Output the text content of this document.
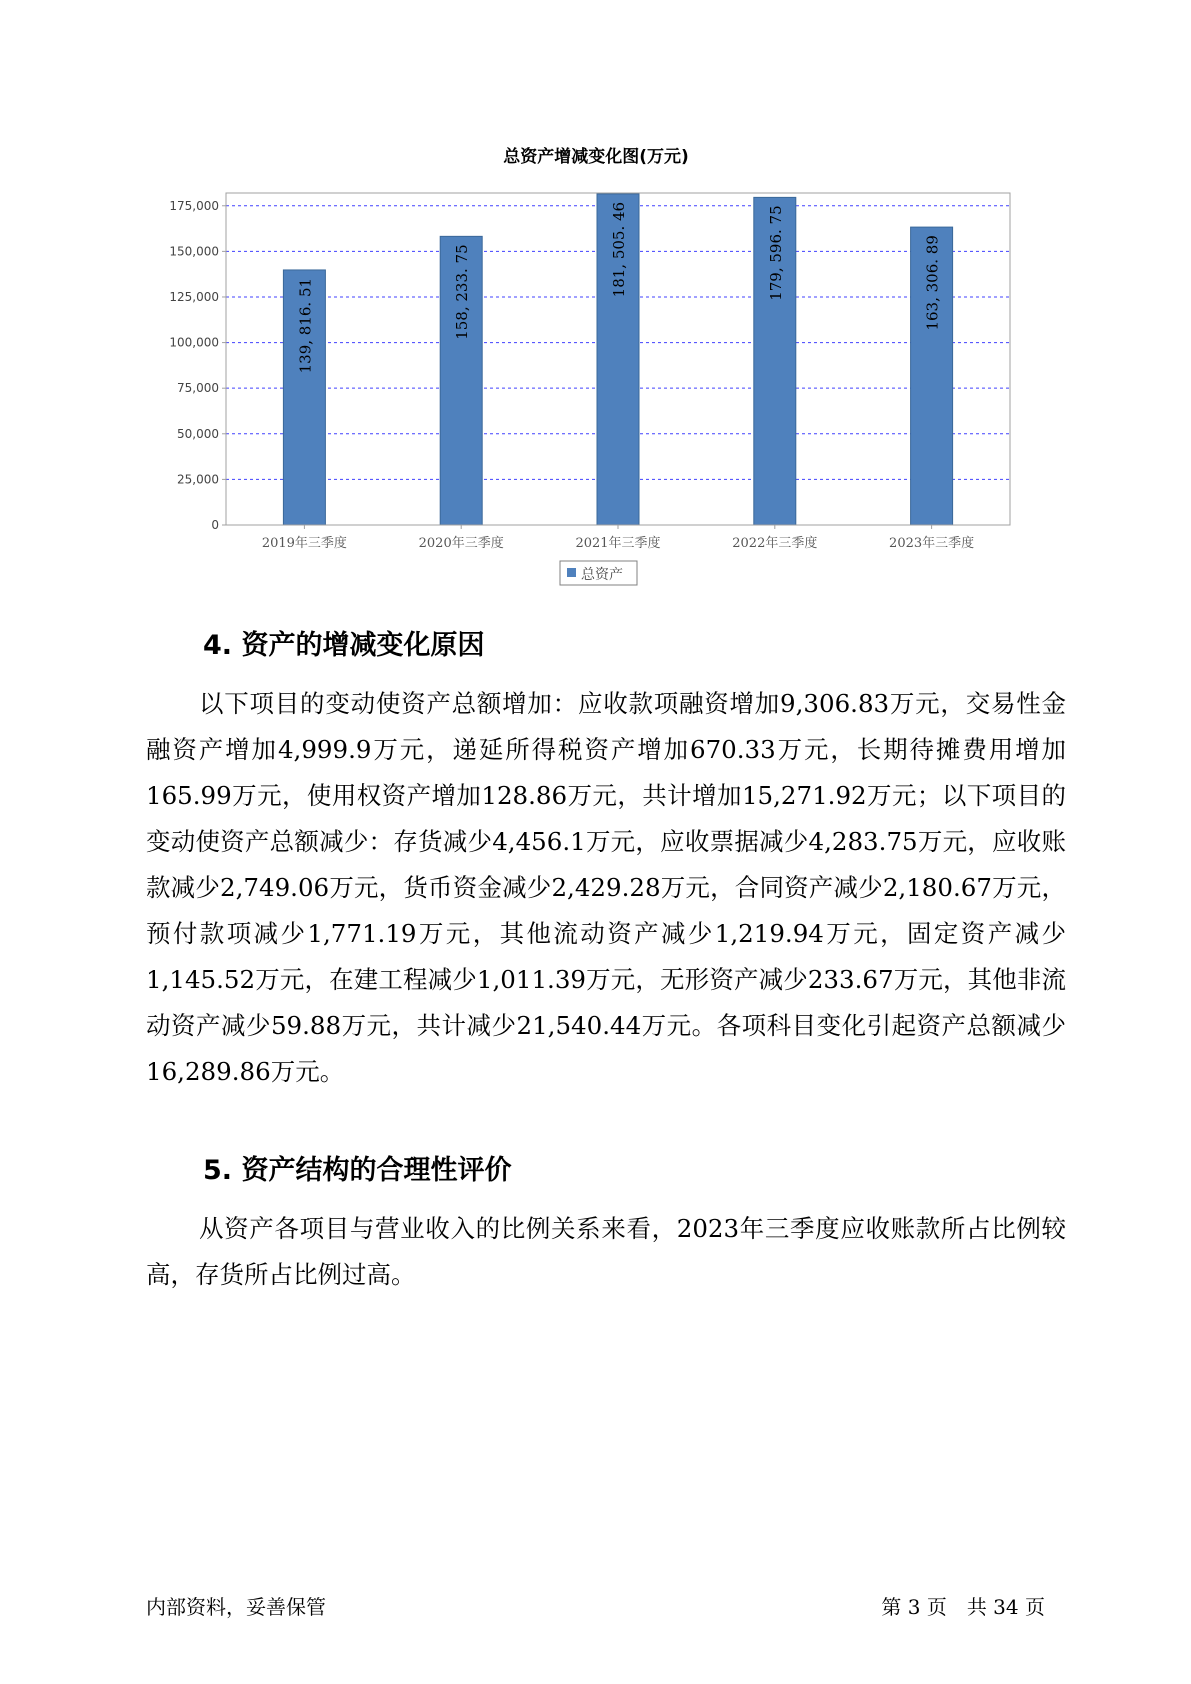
总资产增减变化图(万元)
0
25,000
50,000
75,000
100,000
125,000
150,000
175,000
139, 816. 51	158, 233. 75	181, 505. 46	179, 596. 75	163, 306. 89
2019年三季度	2020年三季度	2021年三季度	2022年三季度	2023年三季度
总资产
4. 资产的增减变化原因

以下项目的变动使资产总额增加：应收款项融资增加9,306.83万元，交易性金融资产增加4,999.9万元，递延所得税资产增加670.33万元，长期待摊费用增加165.99万元，使用权资产增加128.86万元，共计增加15,271.92万元；以下项目的变动使资产总额减少：存货减少4,456.1万元，应收票据减少4,283.75万元，应收账款减少2,749.06万元，货币资金减少2,429.28万元，合同资产减少2,180.67万元，预付款项减少1,771.19万元，其他流动资产减少1,219.94万元，固定资产减少1,145.52万元，在建工程减少1,011.39万元，无形资产减少233.67万元，其他非流动资产减少59.88万元，共计减少21,540.44万元。各项科目变化引起资产总额减少16,289.86万元。

5. 资产结构的合理性评价

从资产各项目与营业收入的比例关系来看，2023年三季度应收账款所占比例较高，存货所占比例过高。

内部资料，妥善保管	第 3 页　共 34 页
